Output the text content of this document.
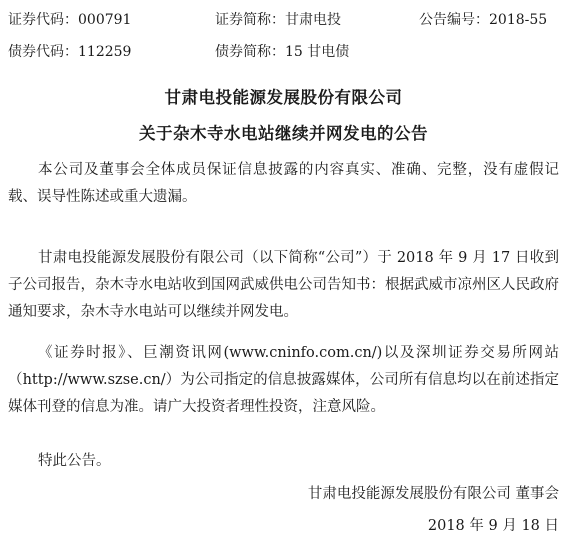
证券代码：000791	证券简称：甘肃电投	公告编号：2018-55
债券代码：112259	债券简称：15 甘电债
甘肃电投能源发展股份有限公司
关于杂木寺水电站继续并网发电的公告
本公司及董事会全体成员保证信息披露的内容真实、准确、完整，没有虚假记载、误导性陈述或重大遗漏。
甘肃电投能源发展股份有限公司（以下简称“公司”）于 2018 年 9 月 17 日收到子公司报告，杂木寺水电站收到国网武威供电公司告知书：根据武威市凉州区人民政府通知要求，杂木寺水电站可以继续并网发电。
《证券时报》、巨潮资讯网(www.cninfo.com.cn/)以及深圳证券交易所网站（http://www.szse.cn/）为公司指定的信息披露媒体，公司所有信息均以在前述指定媒体刊登的信息为准。请广大投资者理性投资，注意风险。
特此公告。
甘肃电投能源发展股份有限公司 董事会
2018 年 9 月 18 日
